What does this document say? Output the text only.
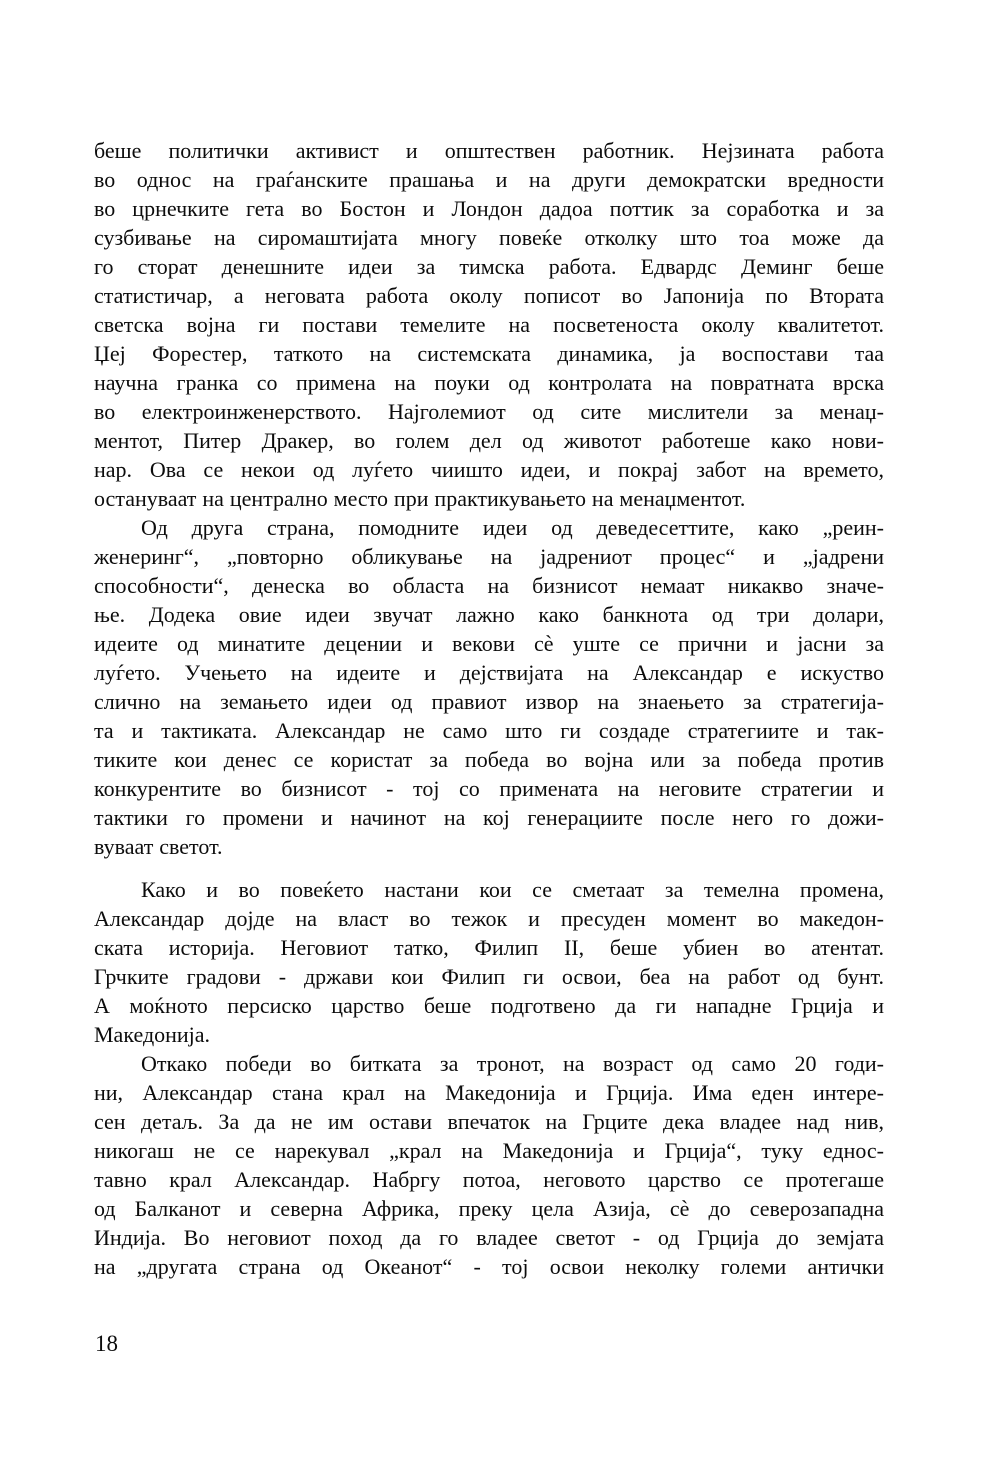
беше политички активист и општествен работник. Нејзината работа
во однос на граѓанските прашања и на други демократски вредности
во црнечките гета во Бостон и Лондон дадоа поттик за соработка и за
сузбивање на сиромаштијата многу повеќе отколку што тоа може да
го сторат денешните идеи за тимска работа. Едвардс Деминг беше
статистичар, а неговата работа околу пописот во Јапонија по Втората
светска војна ги постави темелите на посветеноста околу квалитетот.
Џеј Форестер, таткото на системската динамика, ја воспостави таа
научна гранка со примена на поуки од контролата на повратната врска
во електроинженерството. Најголемиот од сите мислители за менаџ-
ментот, Питер Дракер, во голем дел од животот работеше како нови-
нар. Ова се некои од луѓето чиишто идеи, и покрај забот на времето,
остануваат на централно место при практикувањето на менаџментот.

Од друга страна, помодните идеи од деведесеттите, како „реин-
женеринг“, „повторно обликување на јадрениот процес“ и „јадрени
способности“, денеска во областа на бизнисот немаат никакво значе-
ње. Додека овие идеи звучат лажно како банкнота од три долари,
идеите од минатите децении и векови сѐ уште се прични и јасни за
луѓето. Учењето на идеите и дејствијата на Александар е искуство
слично на земањето идеи од правиот извор на знаењето за стратегија-
та и тактиката. Александар не само што ги создаде стратегиите и так-
тиките кои денес се користат за победа во војна или за победа против
конкурентите во бизнисот - тој со примената на неговите стратегии и
тактики го промени и начинот на кој генерациите после него го дожи-
вуваат светот.

Како и во повеќето настани кои се сметаат за темелна промена,
Александар дојде на власт во тежок и пресуден момент во македон-
ската историја. Неговиот татко, Филип II, беше убиен во атентат.
Грчките градови - држави кои Филип ги освои, беа на работ од бунт.
А моќното персиско царство беше подготвено да ги нападне Грција и
Македонија.

Откако победи во битката за тронот, на возраст од само 20 годи-
ни, Александар стана крал на Македонија и Грција. Има еден интере-
сен детаљ. За да не им остави впечаток на Грците дека владее над нив,
никогаш не се нарекувал „крал на Македонија и Грција“, туку еднос-
тавно крал Александар. Набргу потоа, неговото царство се протегаше
од Балканот и северна Африка, преку цела Азија, сѐ до северозападна
Индија. Во неговиот поход да го владее светот - од Грција до земјата
на „другата страна од Океанот“ - тој освои неколку големи антички

18
